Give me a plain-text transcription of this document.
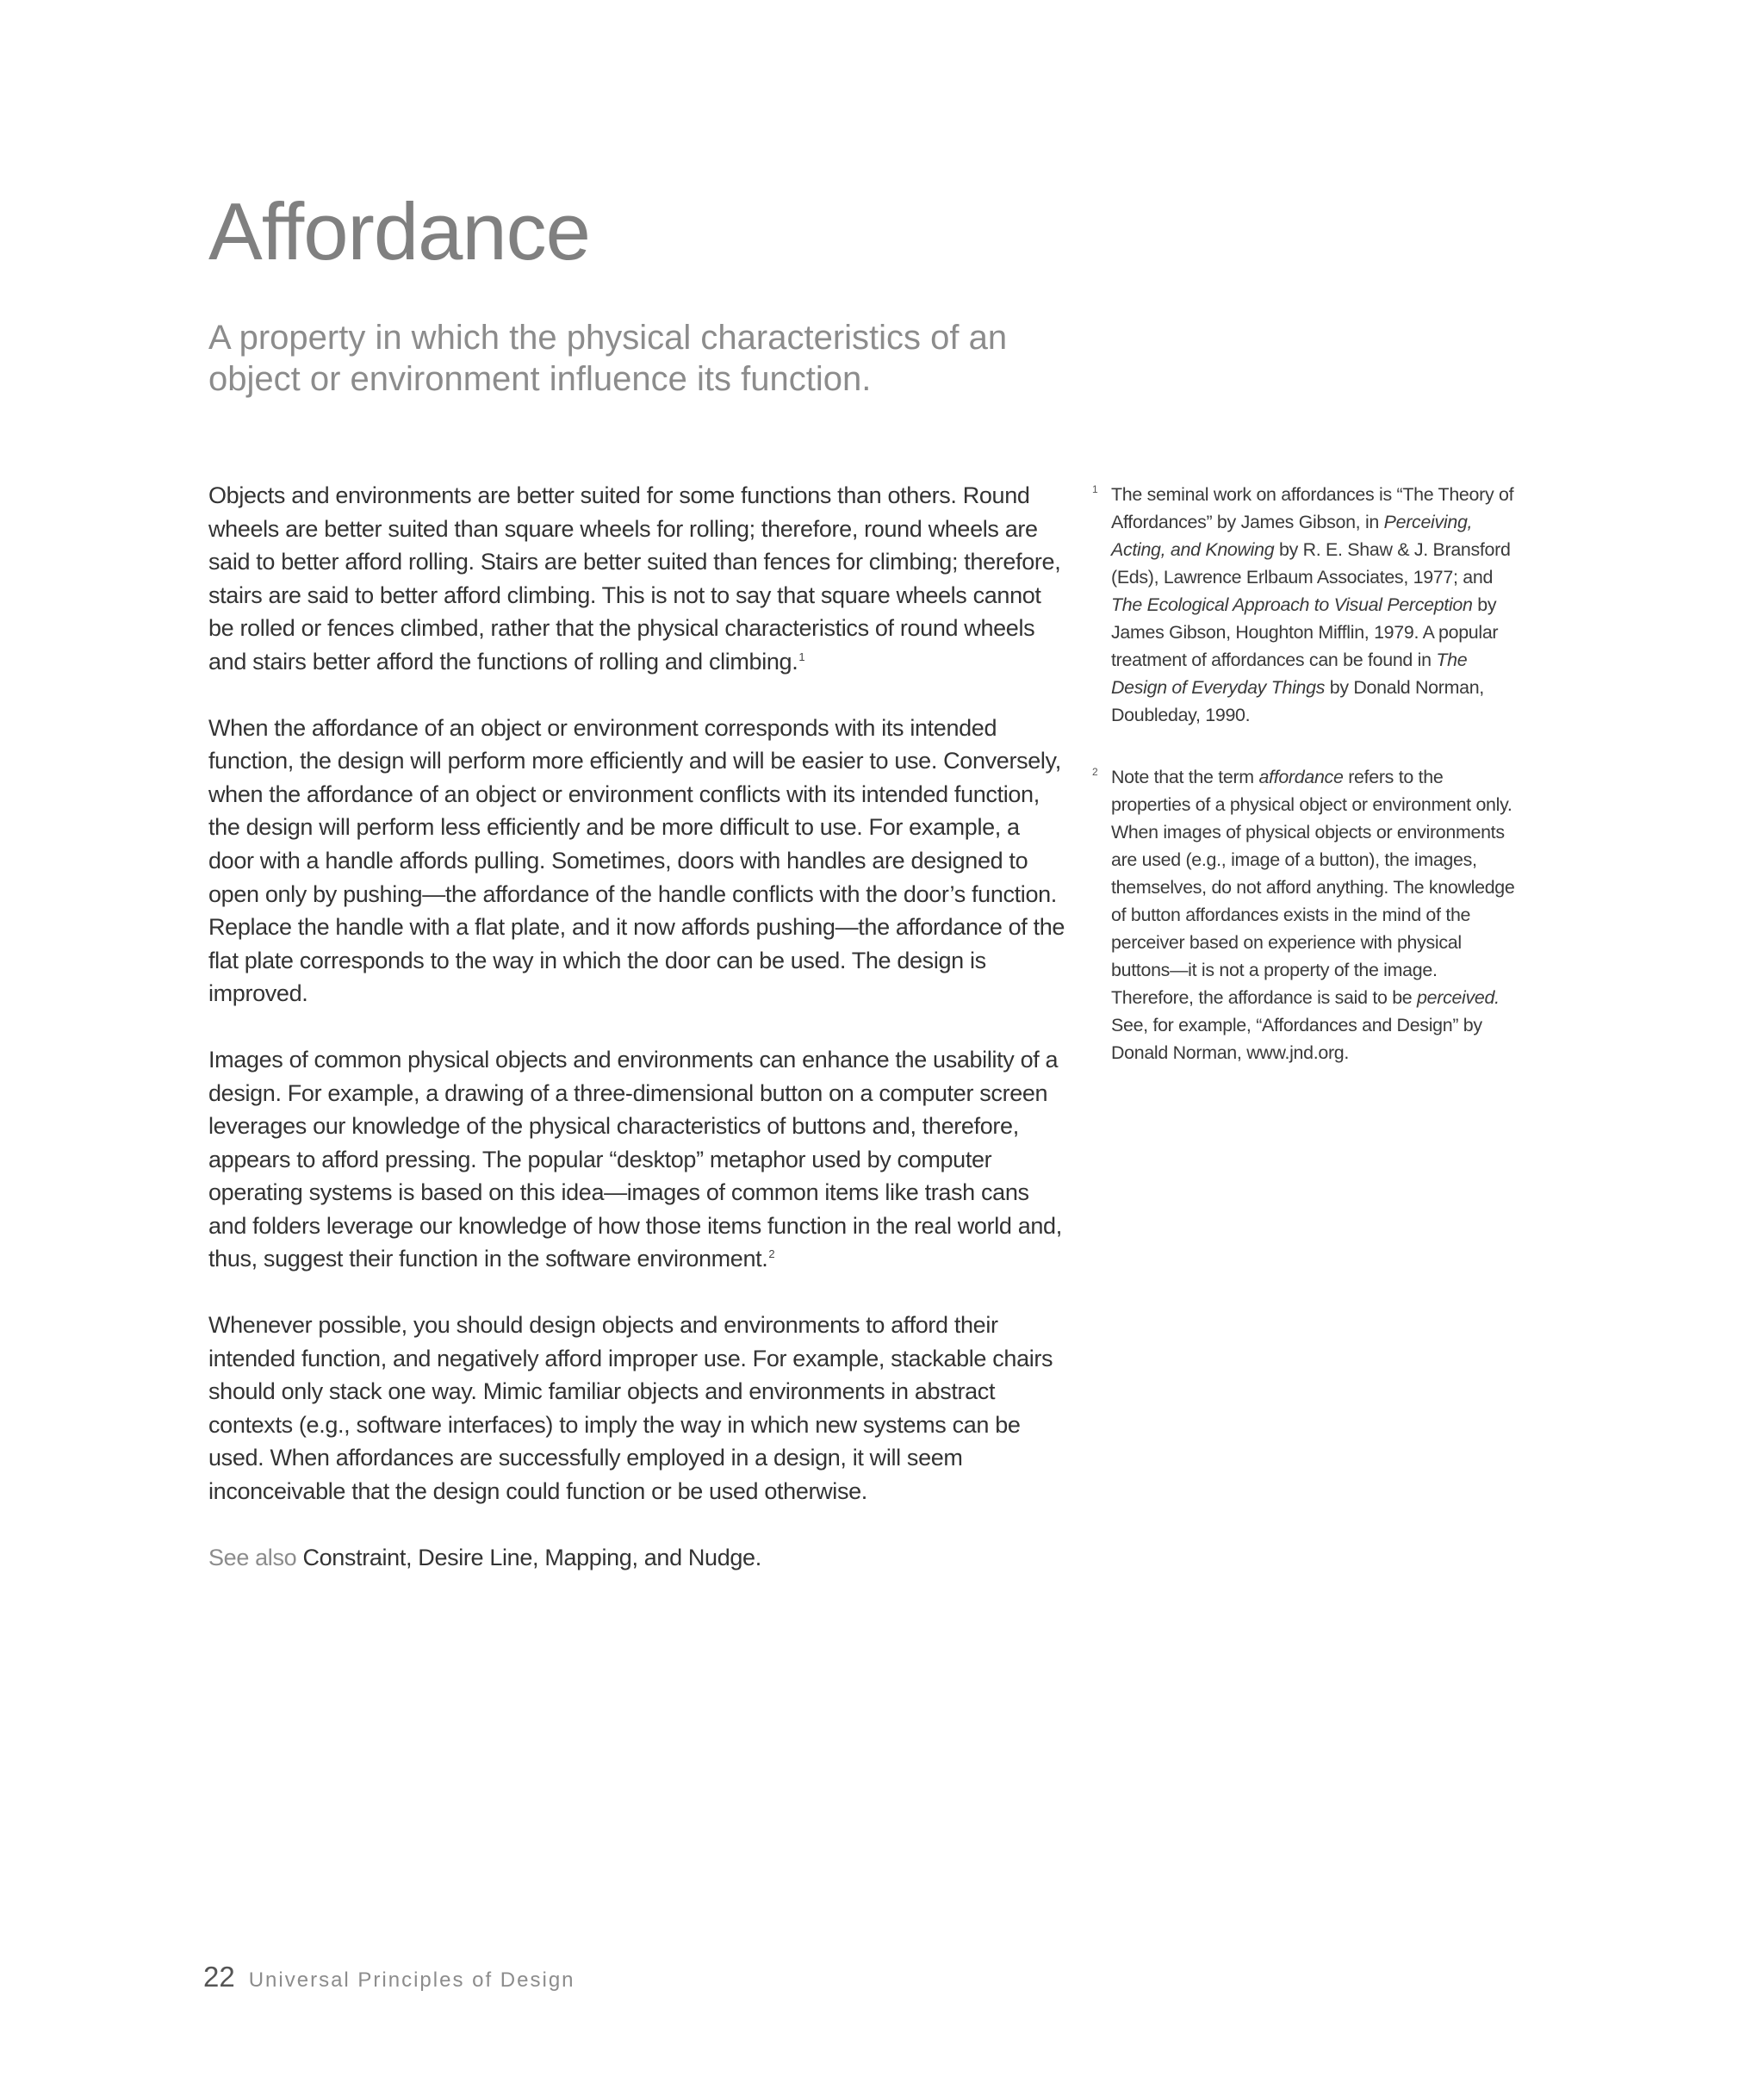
Affordance
A property in which the physical characteristics of an object or environment influence its function.

Objects and environments are better suited for some functions than others. Round wheels are better suited than square wheels for rolling; therefore, round wheels are said to better afford rolling. Stairs are better suited than fences for climbing; therefore, stairs are said to better afford climbing. This is not to say that square wheels cannot be rolled or fences climbed, rather that the physical characteristics of round wheels and stairs better afford the functions of rolling and climbing.$^1$

When the affordance of an object or environment corresponds with its intended function, the design will perform more efficiently and will be easier to use. Conversely, when the affordance of an object or environment conflicts with its intended function, the design will perform less efficiently and be more difficult to use. For example, a door with a handle affords pulling. Sometimes, doors with handles are designed to open only by pushing—the affordance of the handle conflicts with the door’s function. Replace the handle with a flat plate, and it now affords pushing—the affordance of the flat plate corresponds to the way in which the door can be used. The design is improved.

Images of common physical objects and environments can enhance the usability of a design. For example, a drawing of a three-dimensional button on a computer screen leverages our knowledge of the physical characteristics of buttons and, therefore, appears to afford pressing. The popular “desktop” metaphor used by computer operating systems is based on this idea—images of common items like trash cans and folders leverage our knowledge of how those items function in the real world and, thus, suggest their function in the software environment.$^2$

Whenever possible, you should design objects and environments to afford their intended function, and negatively afford improper use. For example, stackable chairs should only stack one way. Mimic familiar objects and environments in abstract contexts (e.g., software interfaces) to imply the way in which new systems can be used. When affordances are successfully employed in a design, it will seem inconceivable that the design could function or be used otherwise.

See also Constraint, Desire Line, Mapping, and Nudge.

1 The seminal work on affordances is “The Theory of Affordances” by James Gibson, in Perceiving, Acting, and Knowing by R. E. Shaw & J. Bransford (Eds), Lawrence Erlbaum Associates, 1977; and The Ecological Approach to Visual Perception by James Gibson, Houghton Mifflin, 1979. A popular treatment of affordances can be found in The Design of Everyday Things by Donald Norman, Doubleday, 1990.

2 Note that the term affordance refers to the properties of a physical object or environment only. When images of physical objects or environments are used (e.g., image of a button), the images, themselves, do not afford anything. The knowledge of button affordances exists in the mind of the perceiver based on experience with physical buttons—it is not a property of the image. Therefore, the affordance is said to be perceived. See, for example, “Affordances and Design” by Donald Norman, www.jnd.org.

22 Universal Principles of Design
